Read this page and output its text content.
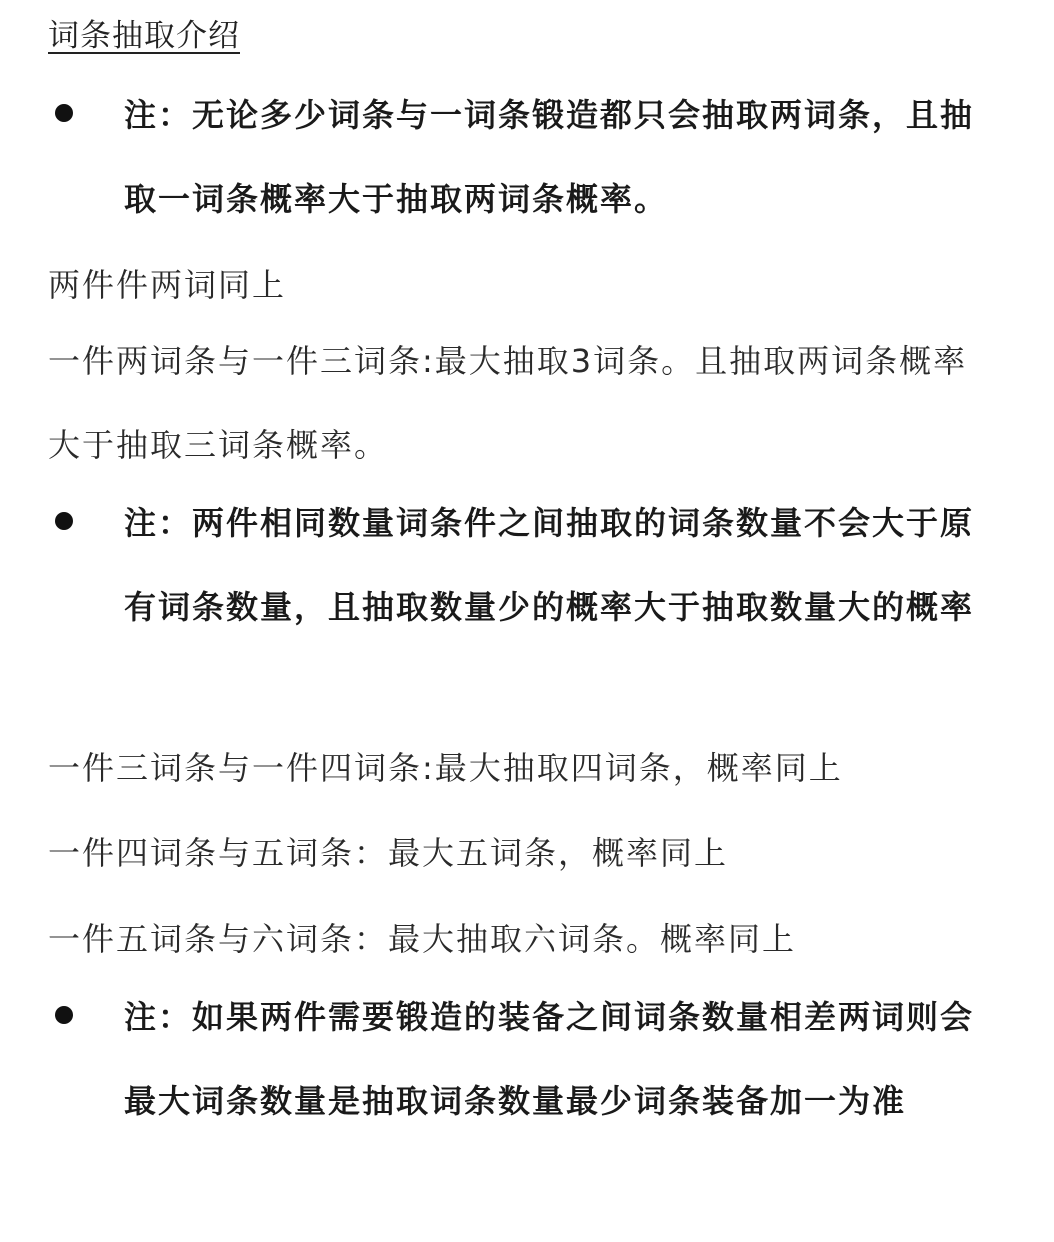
词条抽取介绍
注：无论多少词条与一词条锻造都只会抽取两词条，且抽取一词条概率大于抽取两词条概率。
两件件两词同上
一件两词条与一件三词条:最大抽取3词条。且抽取两词条概率大于抽取三词条概率。
注：两件相同数量词条件之间抽取的词条数量不会大于原有词条数量，且抽取数量少的概率大于抽取数量大的概率
一件三词条与一件四词条:最大抽取四词条，概率同上
一件四词条与五词条：最大五词条，概率同上
一件五词条与六词条：最大抽取六词条。概率同上
注：如果两件需要锻造的装备之间词条数量相差两词则会最大词条数量是抽取词条数量最少词条装备加一为准
